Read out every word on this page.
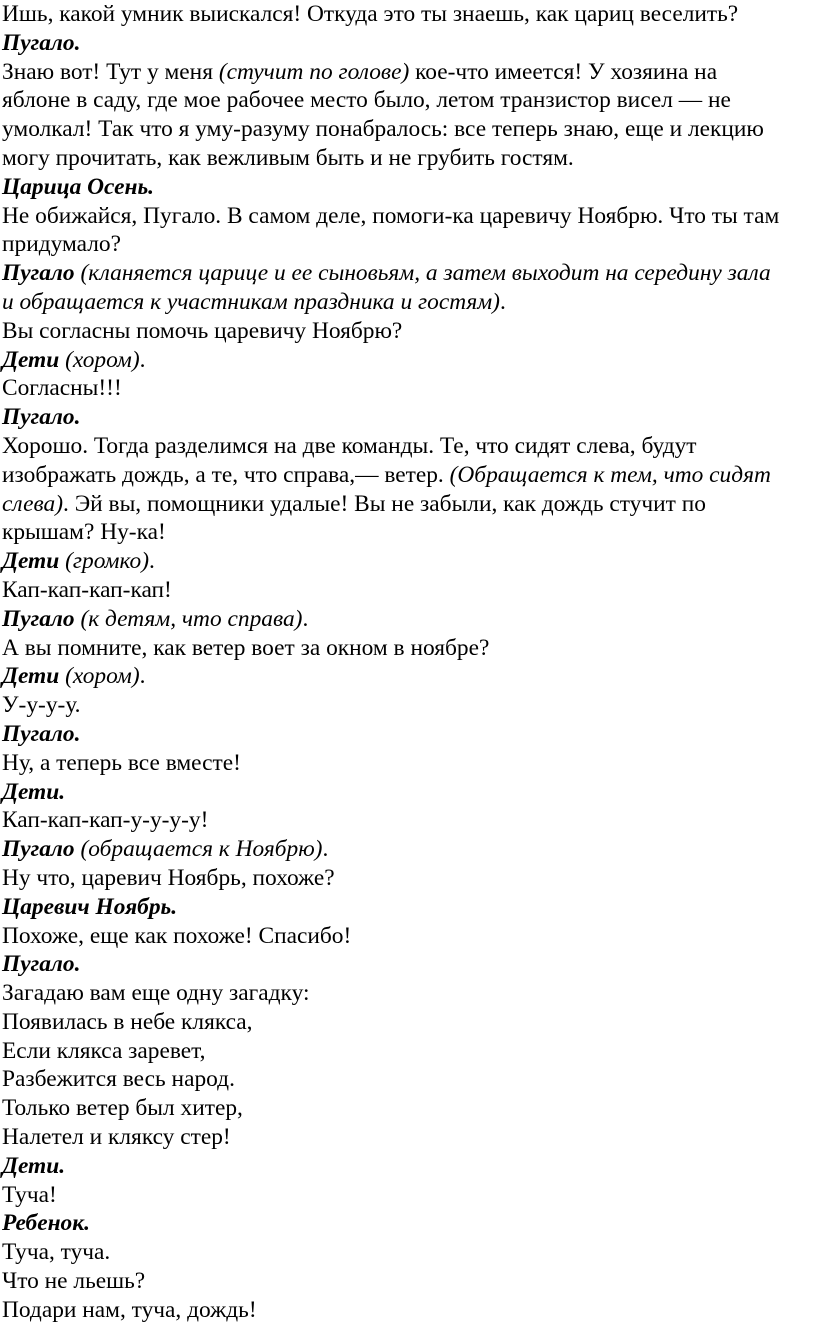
Ишь, какой умник выискался! Откуда это ты знаешь, как цариц веселить?
Пугало.
Знаю вот! Тут у меня (стучит по голове) кое-что имеется! У хозяина на
яблоне в саду, где мое рабочее место было, летом транзистор висел — не
умолкал! Так что я уму-разуму понабралось: все теперь знаю, еще и лекцию
могу прочитать, как вежливым быть и не грубить гостям.
Царица Осень.
Не обижайся, Пугало. В самом деле, помоги-ка царевичу Ноябрю. Что ты там
придумало?
Пугало (кланяется царице и ее сыновьям, а затем выходит на середину зала
и обращается к участникам праздника и гостям).
Вы согласны помочь царевичу Ноябрю?
Дети (хором).
Согласны!!!
Пугало.
Хорошо. Тогда разделимся на две команды. Те, что сидят слева, будут
изображать дождь, а те, что справа,— ветер. (Обращается к тем, что сидят
слева). Эй вы, помощники удалые! Вы не забыли, как дождь стучит по
крышам? Ну-ка!
Дети (громко).
Кап-кап-кап-кап!
Пугало (к детям, что справа).
А вы помните, как ветер воет за окном в ноябре?
Дети (хором).
У-у-у-у.
Пугало.
Ну, а теперь все вместе!
Дети.
Кап-кап-кап-у-у-у-у!
Пугало (обращается к Ноябрю).
Ну что, царевич Ноябрь, похоже?
Царевич Ноябрь.
Похоже, еще как похоже! Спасибо!
Пугало.
Загадаю вам еще одну загадку:
Появилась в небе клякса,
Если клякса заревет,
Разбежится весь народ.
Только ветер был хитер,
Налетел и кляксу стер!
Дети.
Туча!
Ребенок.
Туча, туча.
Что не льешь?
Подари нам, туча, дождь!
